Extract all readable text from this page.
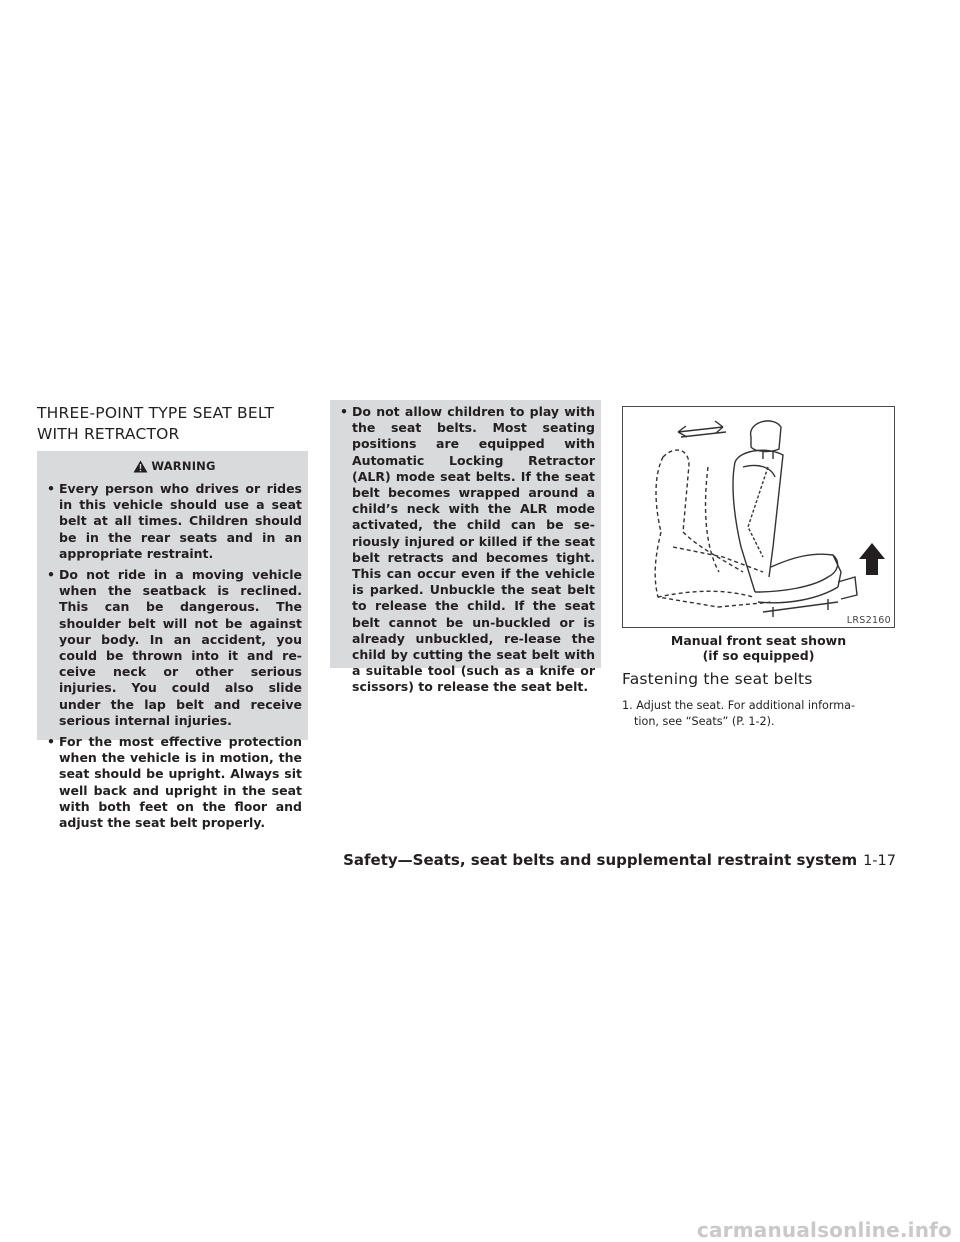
THREE-POINT TYPE SEAT BELT
WITH RETRACTOR
WARNING
• Every person who drives or rides in this vehicle should use a seat belt at all times. Children should be in the rear seats and in an appropriate restraint.
• Do not ride in a moving vehicle when the seatback is reclined. This can be dangerous. The shoulder belt will not be against your body. In an accident, you could be thrown into it and re-ceive neck or other serious injuries. You could also slide under the lap belt and receive serious internal injuries.
• For the most effective protection when the vehicle is in motion, the seat should be upright. Always sit well back and upright in the seat with both feet on the floor and adjust the seat belt properly.
• Do not allow children to play with the seat belts. Most seating positions are equipped with Automatic Locking Retractor (ALR) mode seat belts. If the seat belt becomes wrapped around a child’s neck with the ALR mode activated, the child can be se-riously injured or killed if the seat belt retracts and becomes tight. This can occur even if the vehicle is parked. Unbuckle the seat belt to release the child. If the seat belt cannot be un-buckled or is already unbuckled, re-lease the child by cutting the seat belt with a suitable tool (such as a knife or scissors) to release the seat belt.
LRS2160
Manual front seat shown
(if so equipped)
Fastening the seat belts
1. Adjust the seat. For additional informa-
tion, see “Seats” (P. 1-2).
Safety—Seats, seat belts and supplemental restraint system 1-17
carmanualsonline.info
